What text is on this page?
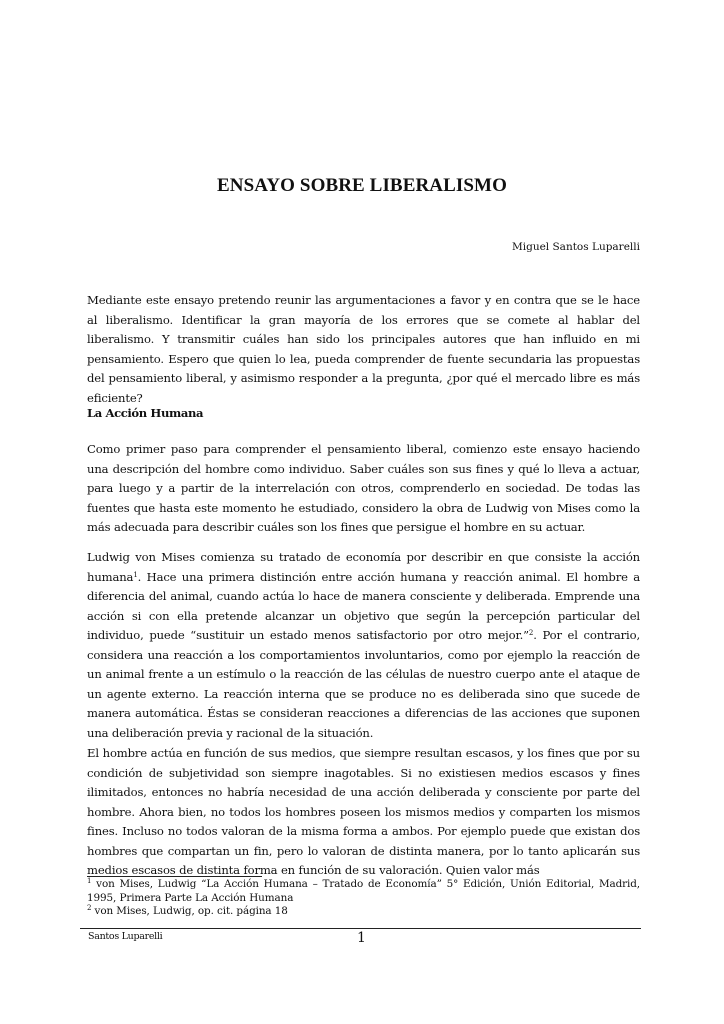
ENSAYO SOBRE LIBERALISMO
Miguel Santos Luparelli

Mediante este ensayo pretendo reunir las argumentaciones a favor y en contra que se le hace al liberalismo. Identificar la gran mayoría de los errores que se comete al hablar del liberalismo. Y transmitir cuáles han sido los principales autores que han influido en mi pensamiento. Espero que quien lo lea, pueda comprender de fuente secundaria las propuestas del pensamiento liberal, y asimismo responder a la pregunta, ¿por qué el mercado libre es más eficiente?

La Acción Humana

Como primer paso para comprender el pensamiento liberal, comienzo este ensayo haciendo una descripción del hombre como individuo. Saber cuáles son sus fines y qué lo lleva a actuar, para luego y a partir de la interrelación con otros, comprenderlo en sociedad. De todas las fuentes que hasta este momento he estudiado, considero la obra de Ludwig von Mises como la más adecuada para describir cuáles son los fines que persigue el hombre en su actuar.

Ludwig von Mises comienza su tratado de economía por describir en que consiste la acción humana$^1$. Hace una primera distinción entre acción humana y reacción animal. El hombre a diferencia del animal, cuando actúa lo hace de manera consciente y deliberada. Emprende una acción si con ella pretende alcanzar un objetivo que según la percepción particular del individuo, puede “sustituir un estado menos satisfactorio por otro mejor.”$^2$. Por el contrario, considera una reacción a los comportamientos involuntarios, como por ejemplo la reacción de un animal frente a un estímulo o la reacción de las células de nuestro cuerpo ante el ataque de un agente externo. La reacción interna que se produce no es deliberada sino que sucede de manera automática. Éstas se consideran reacciones a diferencias de las acciones que suponen una deliberación previa y racional de la situación.

El hombre actúa en función de sus medios, que siempre resultan escasos, y los fines que por su condición de subjetividad son siempre inagotables. Si no existiesen medios escasos y fines ilimitados, entonces no habría necesidad de una acción deliberada y consciente por parte del hombre. Ahora bien, no todos los hombres poseen los mismos medios y comparten los mismos fines. Incluso no todos valoran de la misma forma a ambos. Por ejemplo puede que existan dos hombres que compartan un fin, pero lo valoran de distinta manera, por lo tanto aplicarán sus medios escasos de distinta forma en función de su valoración. Quien valor más

$^1$ von Mises, Ludwig “La Acción Humana – Tratado de Economía” 5° Edición, Unión Editorial, Madrid, 1995, Primera Parte La Acción Humana

$^2$ von Mises, Ludwig, op. cit. página 18

Santos Luparelli	1
